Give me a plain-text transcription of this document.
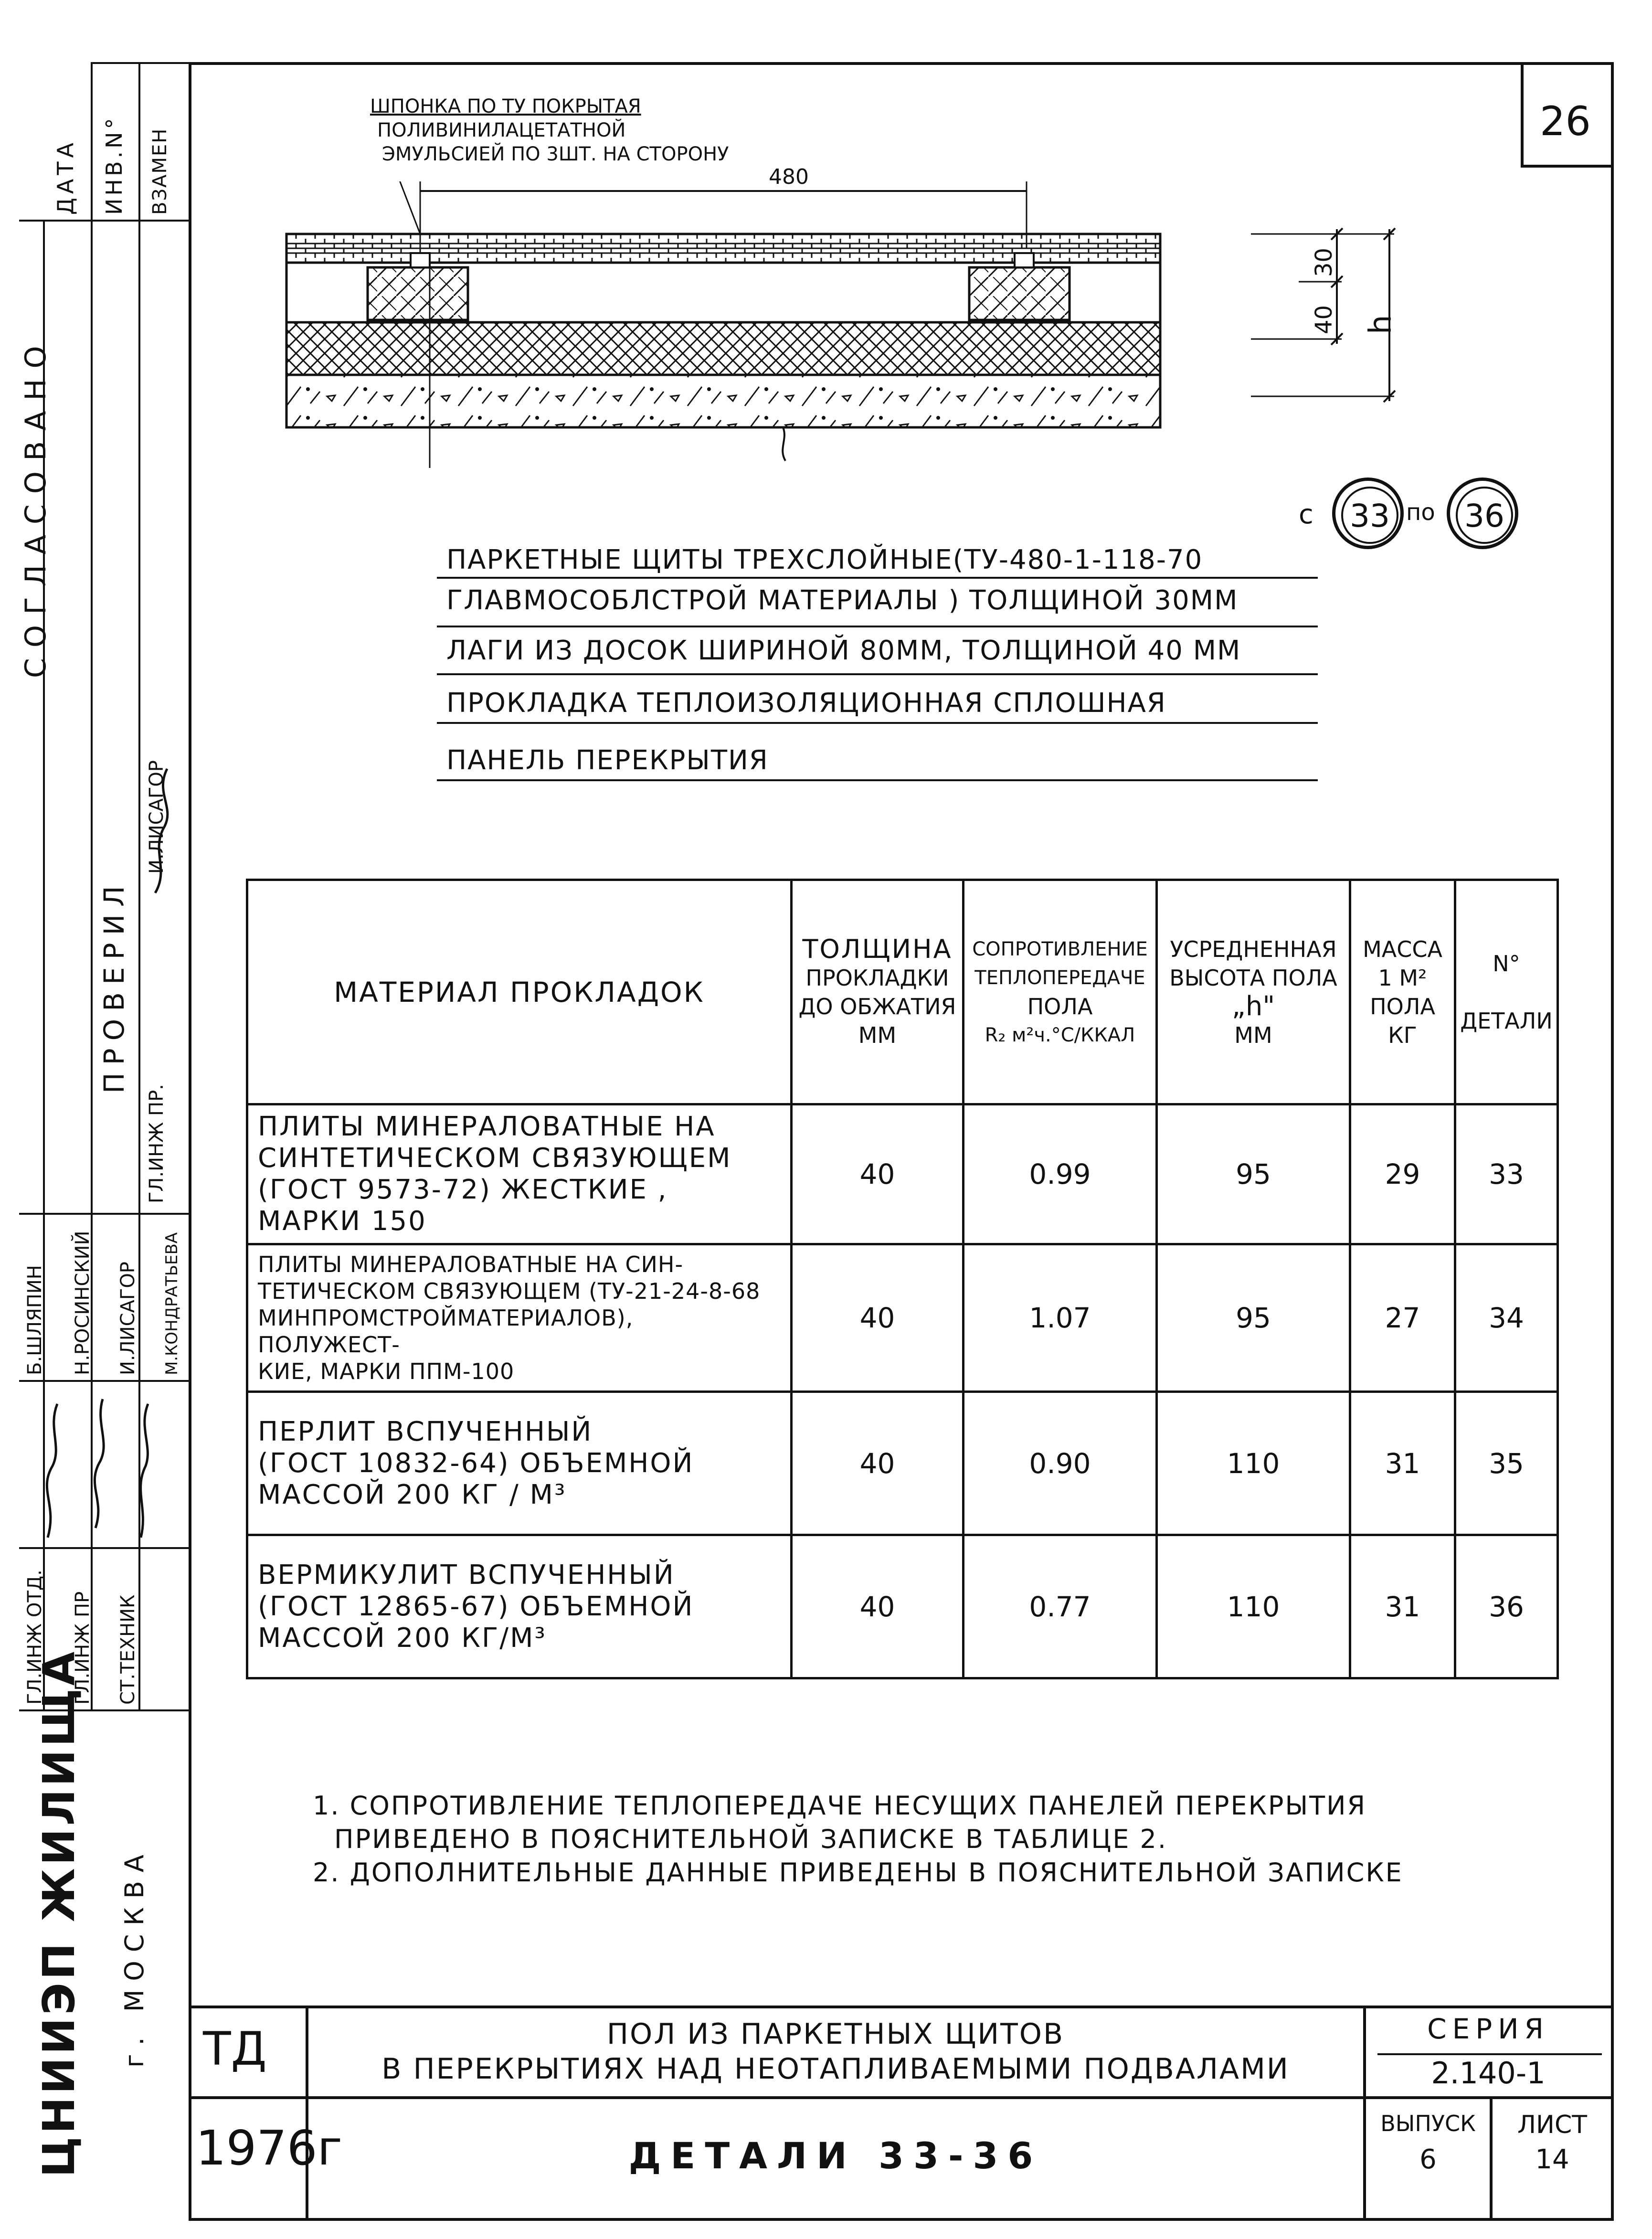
26
ДАТА ИНВ.N° ВЗАМЕН
СОГЛАСОВАНО
ПРОВЕРИЛ
ГЛ.ИНЖ ПР.
И.ЛИСАГОР
ГЛ.ИНЖ ОТД. ГЛ.ИНЖ ПР СТ.ТЕХНИК
Б.ШЛЯПИН Н.РОСИНСКИЙ И.ЛИСАГОР М.КОНДРАТЬЕВА
ЦНИИЭП ЖИЛИЩА г. МОСКВА
ШПОНКА ПО ТУ ПОКРЫТАЯ
ПОЛИВИНИЛАЦЕТАТНОЙ
ЭМУЛЬСИЕЙ ПО 3ШТ. НА СТОРОНУ
480
30
40 h
с 33 по 36
ПАРКЕТНЫЕ ЩИТЫ ТРЕХСЛОЙНЫЕ(ТУ-480-1-118-70
ГЛАВМОСОБЛСТРОЙ МАТЕРИАЛЫ ) ТОЛЩИНОЙ 30ММ
ЛАГИ ИЗ ДОСОК ШИРИНОЙ 80ММ, ТОЛЩИНОЙ 40 ММ
ПРОКЛАДКА ТЕПЛОИЗОЛЯЦИОННАЯ СПЛОШНАЯ
ПАНЕЛЬ ПЕРЕКРЫТИЯ
МАТЕРИАЛ ПРОКЛАДОК	ТОЛЩИНА
ПРОКЛАДКИ
ДО ОБЖАТИЯ
ММ	СОПРОТИВЛЕНИЕ
ТЕПЛОПЕРЕДАЧЕ
ПОЛА
R₂ м²ч.°С/ККАЛ	УСРЕДНЕННАЯ
ВЫСОТА ПОЛА
„h"
ММ	МАССА
1 М²
ПОЛА
КГ	N°
ДЕТАЛИ

ПЛИТЫ МИНЕРАЛОВАТНЫЕ НА
СИНТЕТИЧЕСКОМ СВЯЗУЮЩЕМ
(ГОСТ 9573-72) ЖЕСТКИЕ ,
МАРКИ 150	40	0.99	95	29	33

ПЛИТЫ МИНЕРАЛОВАТНЫЕ НА СИН-
ТЕТИЧЕСКОМ СВЯЗУЮЩЕМ (ТУ-21-24-8-68
МИНПРОМСТРОЙМАТЕРИАЛОВ), ПОЛУЖЕСТ-
КИЕ, МАРКИ ППМ-100	40	1.07	95	27	34

ПЕРЛИТ ВСПУЧЕННЫЙ
(ГОСТ 10832-64) ОБЪЕМНОЙ
МАССОЙ 200 КГ / М³	40	0.90	110	31	35

ВЕРМИКУЛИТ ВСПУЧЕННЫЙ
(ГОСТ 12865-67) ОБЪЕМНОЙ
МАССОЙ 200 КГ/М³	40	0.77	110	31	36
1. СОПРОТИВЛЕНИЕ ТЕПЛОПЕРЕДАЧЕ НЕСУЩИХ ПАНЕЛЕЙ ПЕРЕКРЫТИЯ
ПРИВЕДЕНО В ПОЯСНИТЕЛЬНОЙ ЗАПИСКЕ В ТАБЛИЦЕ 2.
2. ДОПОЛНИТЕЛЬНЫЕ ДАННЫЕ ПРИВЕДЕНЫ В ПОЯСНИТЕЛЬНОЙ ЗАПИСКЕ
ТД
1976г
ПОЛ ИЗ ПАРКЕТНЫХ ЩИТОВ
В ПЕРЕКРЫТИЯХ НАД НЕОТАПЛИВАЕМЫМИ ПОДВАЛАМИ
ДЕТАЛИ 33-36
СЕРИЯ
2.140-1
ВЫПУСК
6
ЛИСТ
14
